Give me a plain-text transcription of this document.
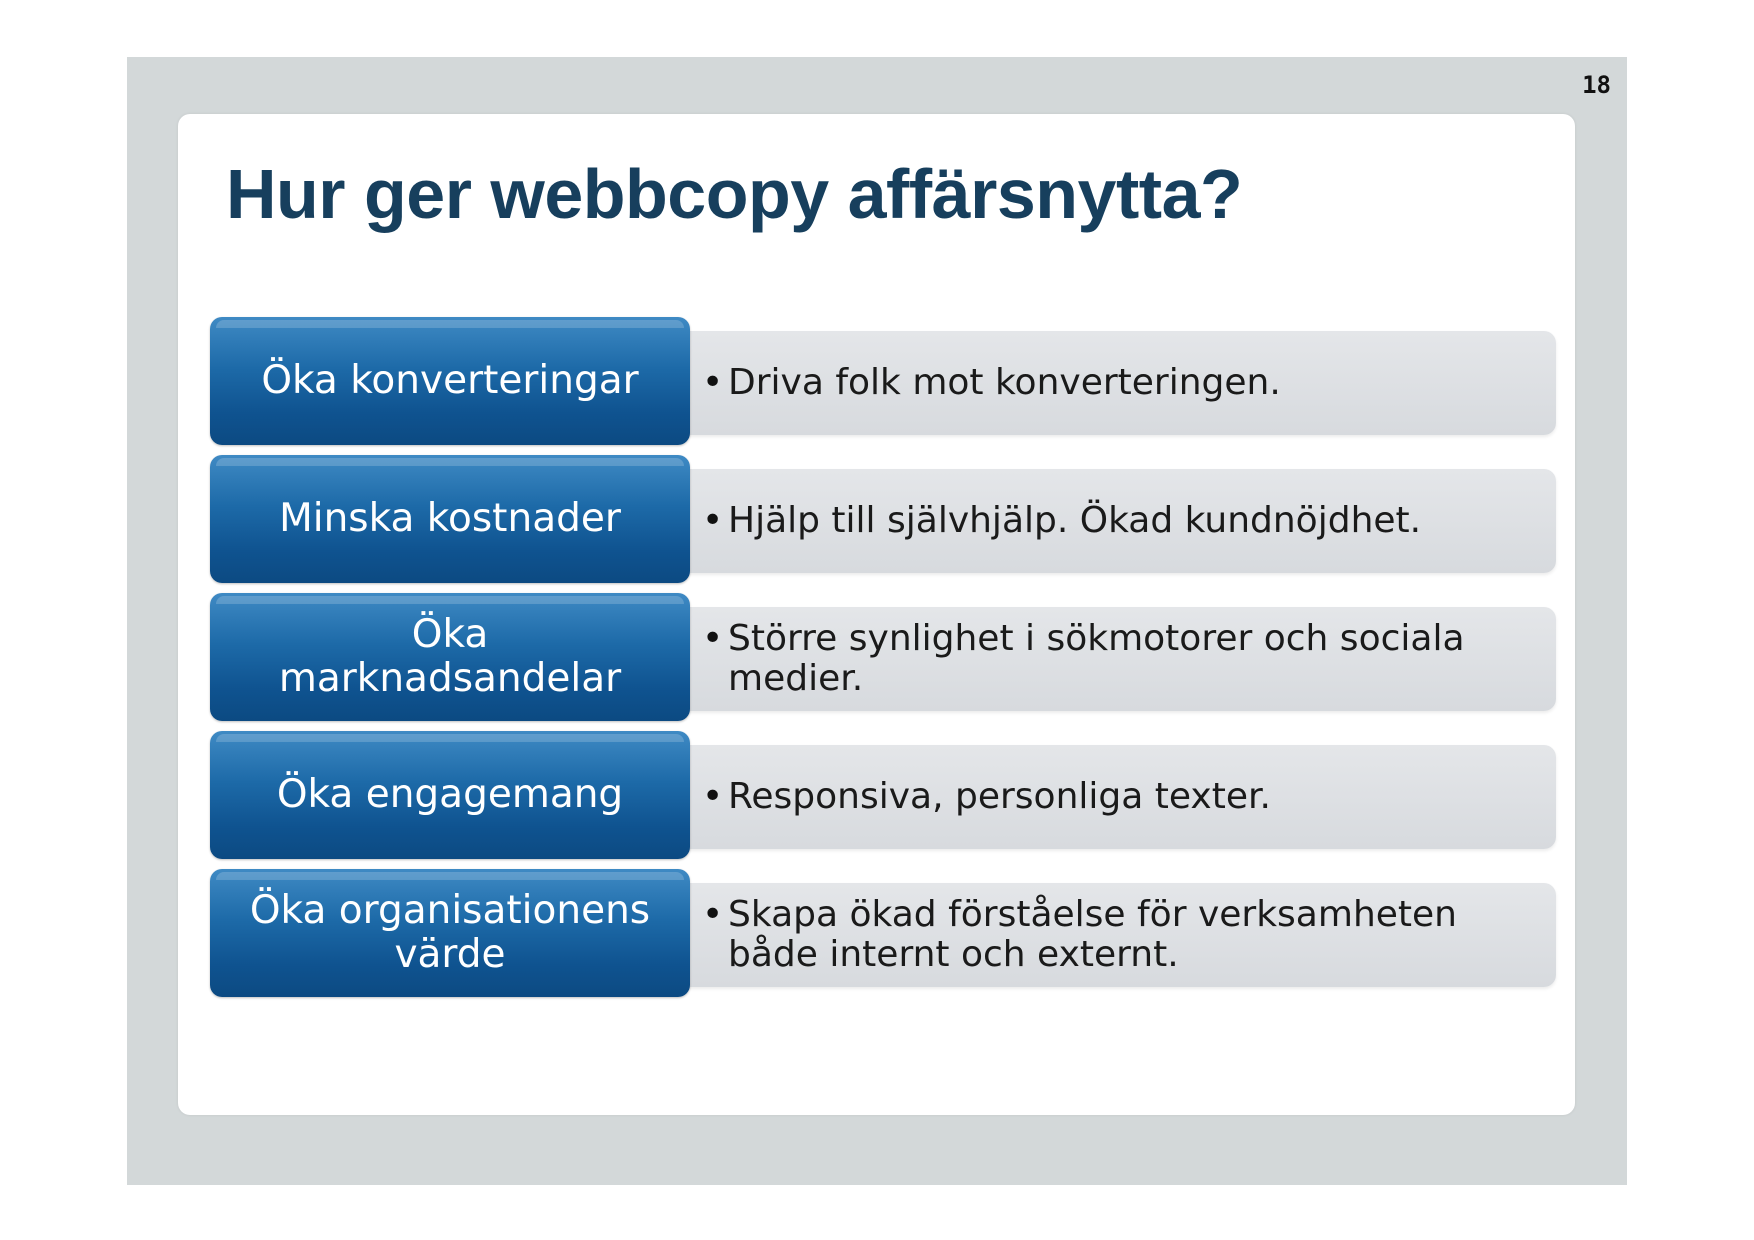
18
Hur ger webbcopy affärsnytta?
Öka konverteringar • Driva folk mot konverteringen.
Minska kostnader • Hjälp till självhjälp. Ökad kundnöjdhet.
Öka
marknadsandelar
• Större synlighet i sökmotorer och sociala medier.
Öka engagemang • Responsiva, personliga texter.
Öka organisationens
värde
• Skapa ökad förståelse för verksamheten både internt och externt.
